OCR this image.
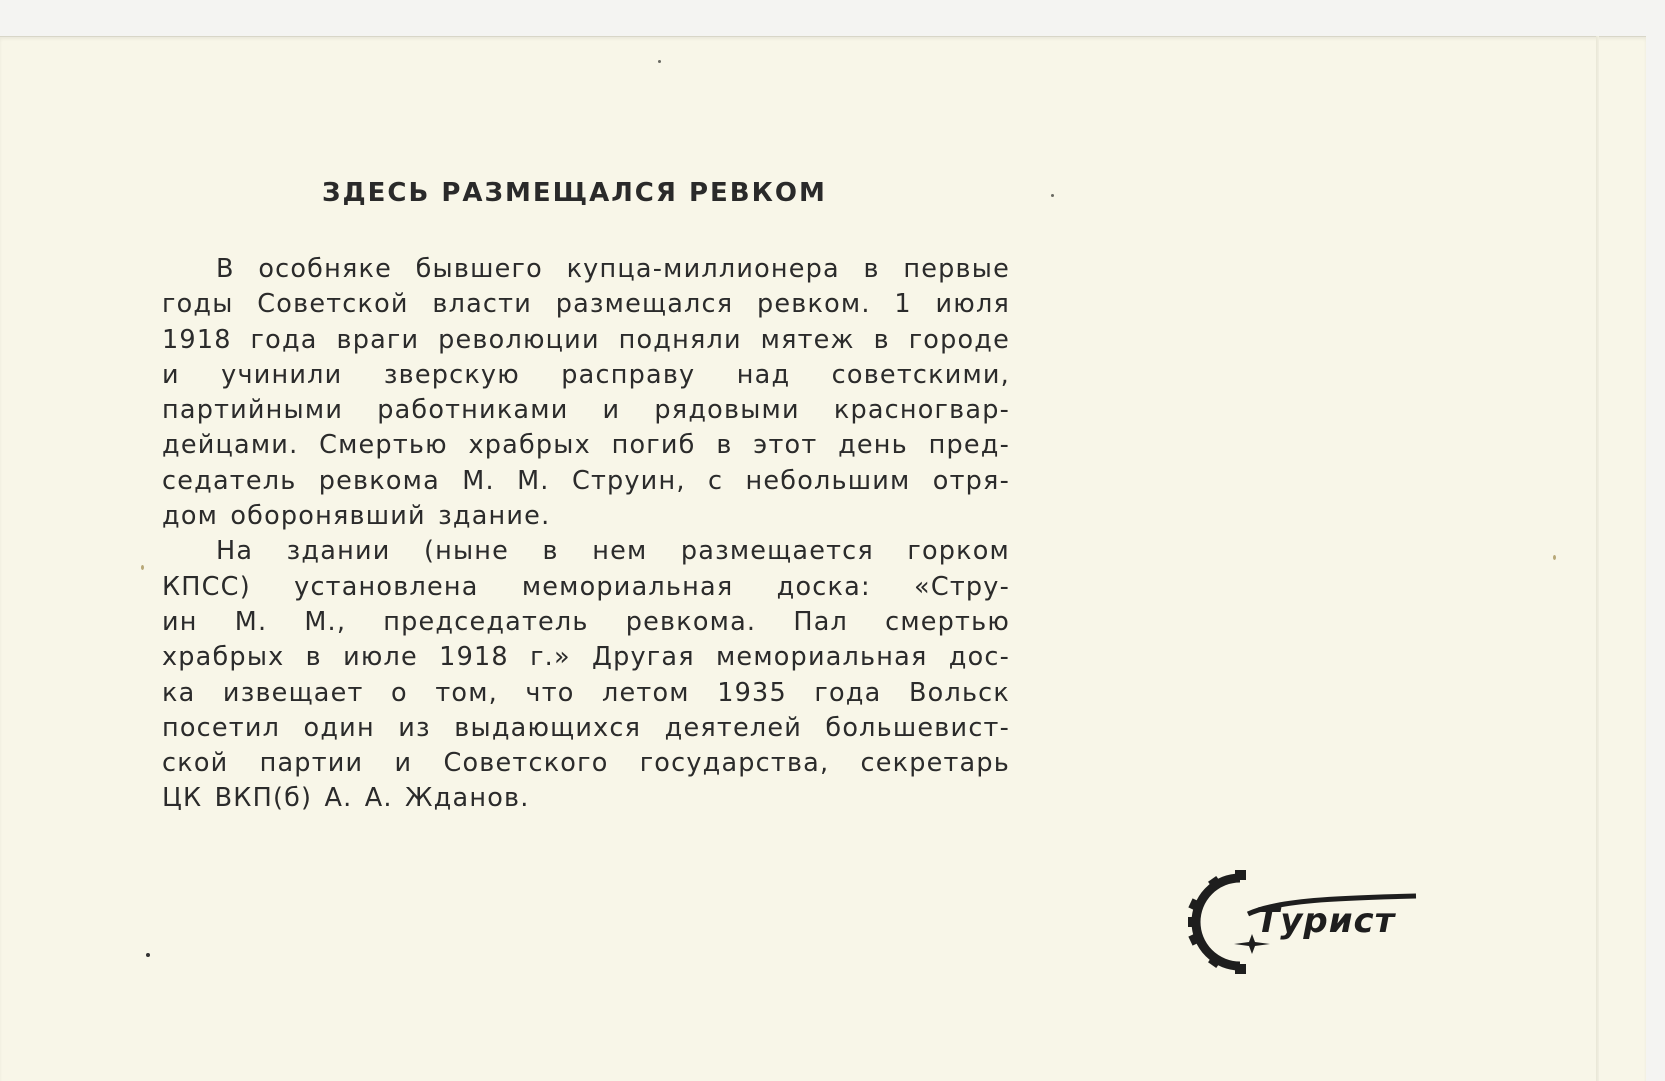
ЗДЕСЬ РАЗМЕЩАЛСЯ РЕВКОМ
В особняке бывшего купца-миллионера в первые
годы Советской власти размещался ревком. 1 июля
1918 года враги революции подняли мятеж в городе
и учинили зверскую расправу над советскими,
партийными работниками и рядовыми красногвар-
дейцами. Смертью храбрых погиб в этот день пред-
седатель ревкома М. М. Струин, с небольшим отря-
дом оборонявший здание.
На здании (ныне в нем размещается горком
КПСС) установлена мемориальная доска: «Стру-
ин М. М., председатель ревкома. Пал смертью
храбрых в июле 1918 г.» Другая мемориальная дос-
ка извещает о том, что летом 1935 года Вольск
посетил один из выдающихся деятелей большевист-
ской партии и Советского государства, секретарь
ЦК ВКП(б) А. А. Жданов.
Турист
